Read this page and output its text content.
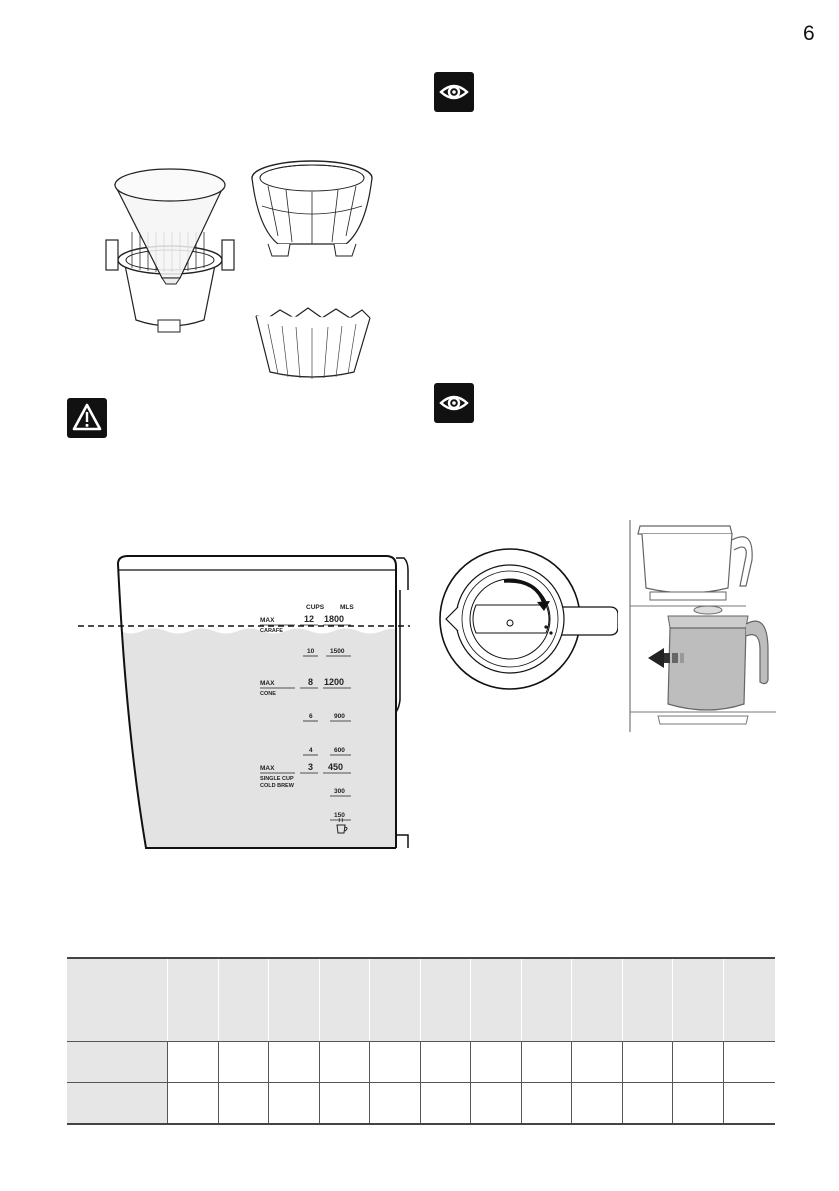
6
CUPS MLS
MAX
CARAFE
12 1800
10 1500
MAX
CONE
8 1200
6	900
4	600
MAX
SINGLE CUP
COLD BREW
3 450
300
150
